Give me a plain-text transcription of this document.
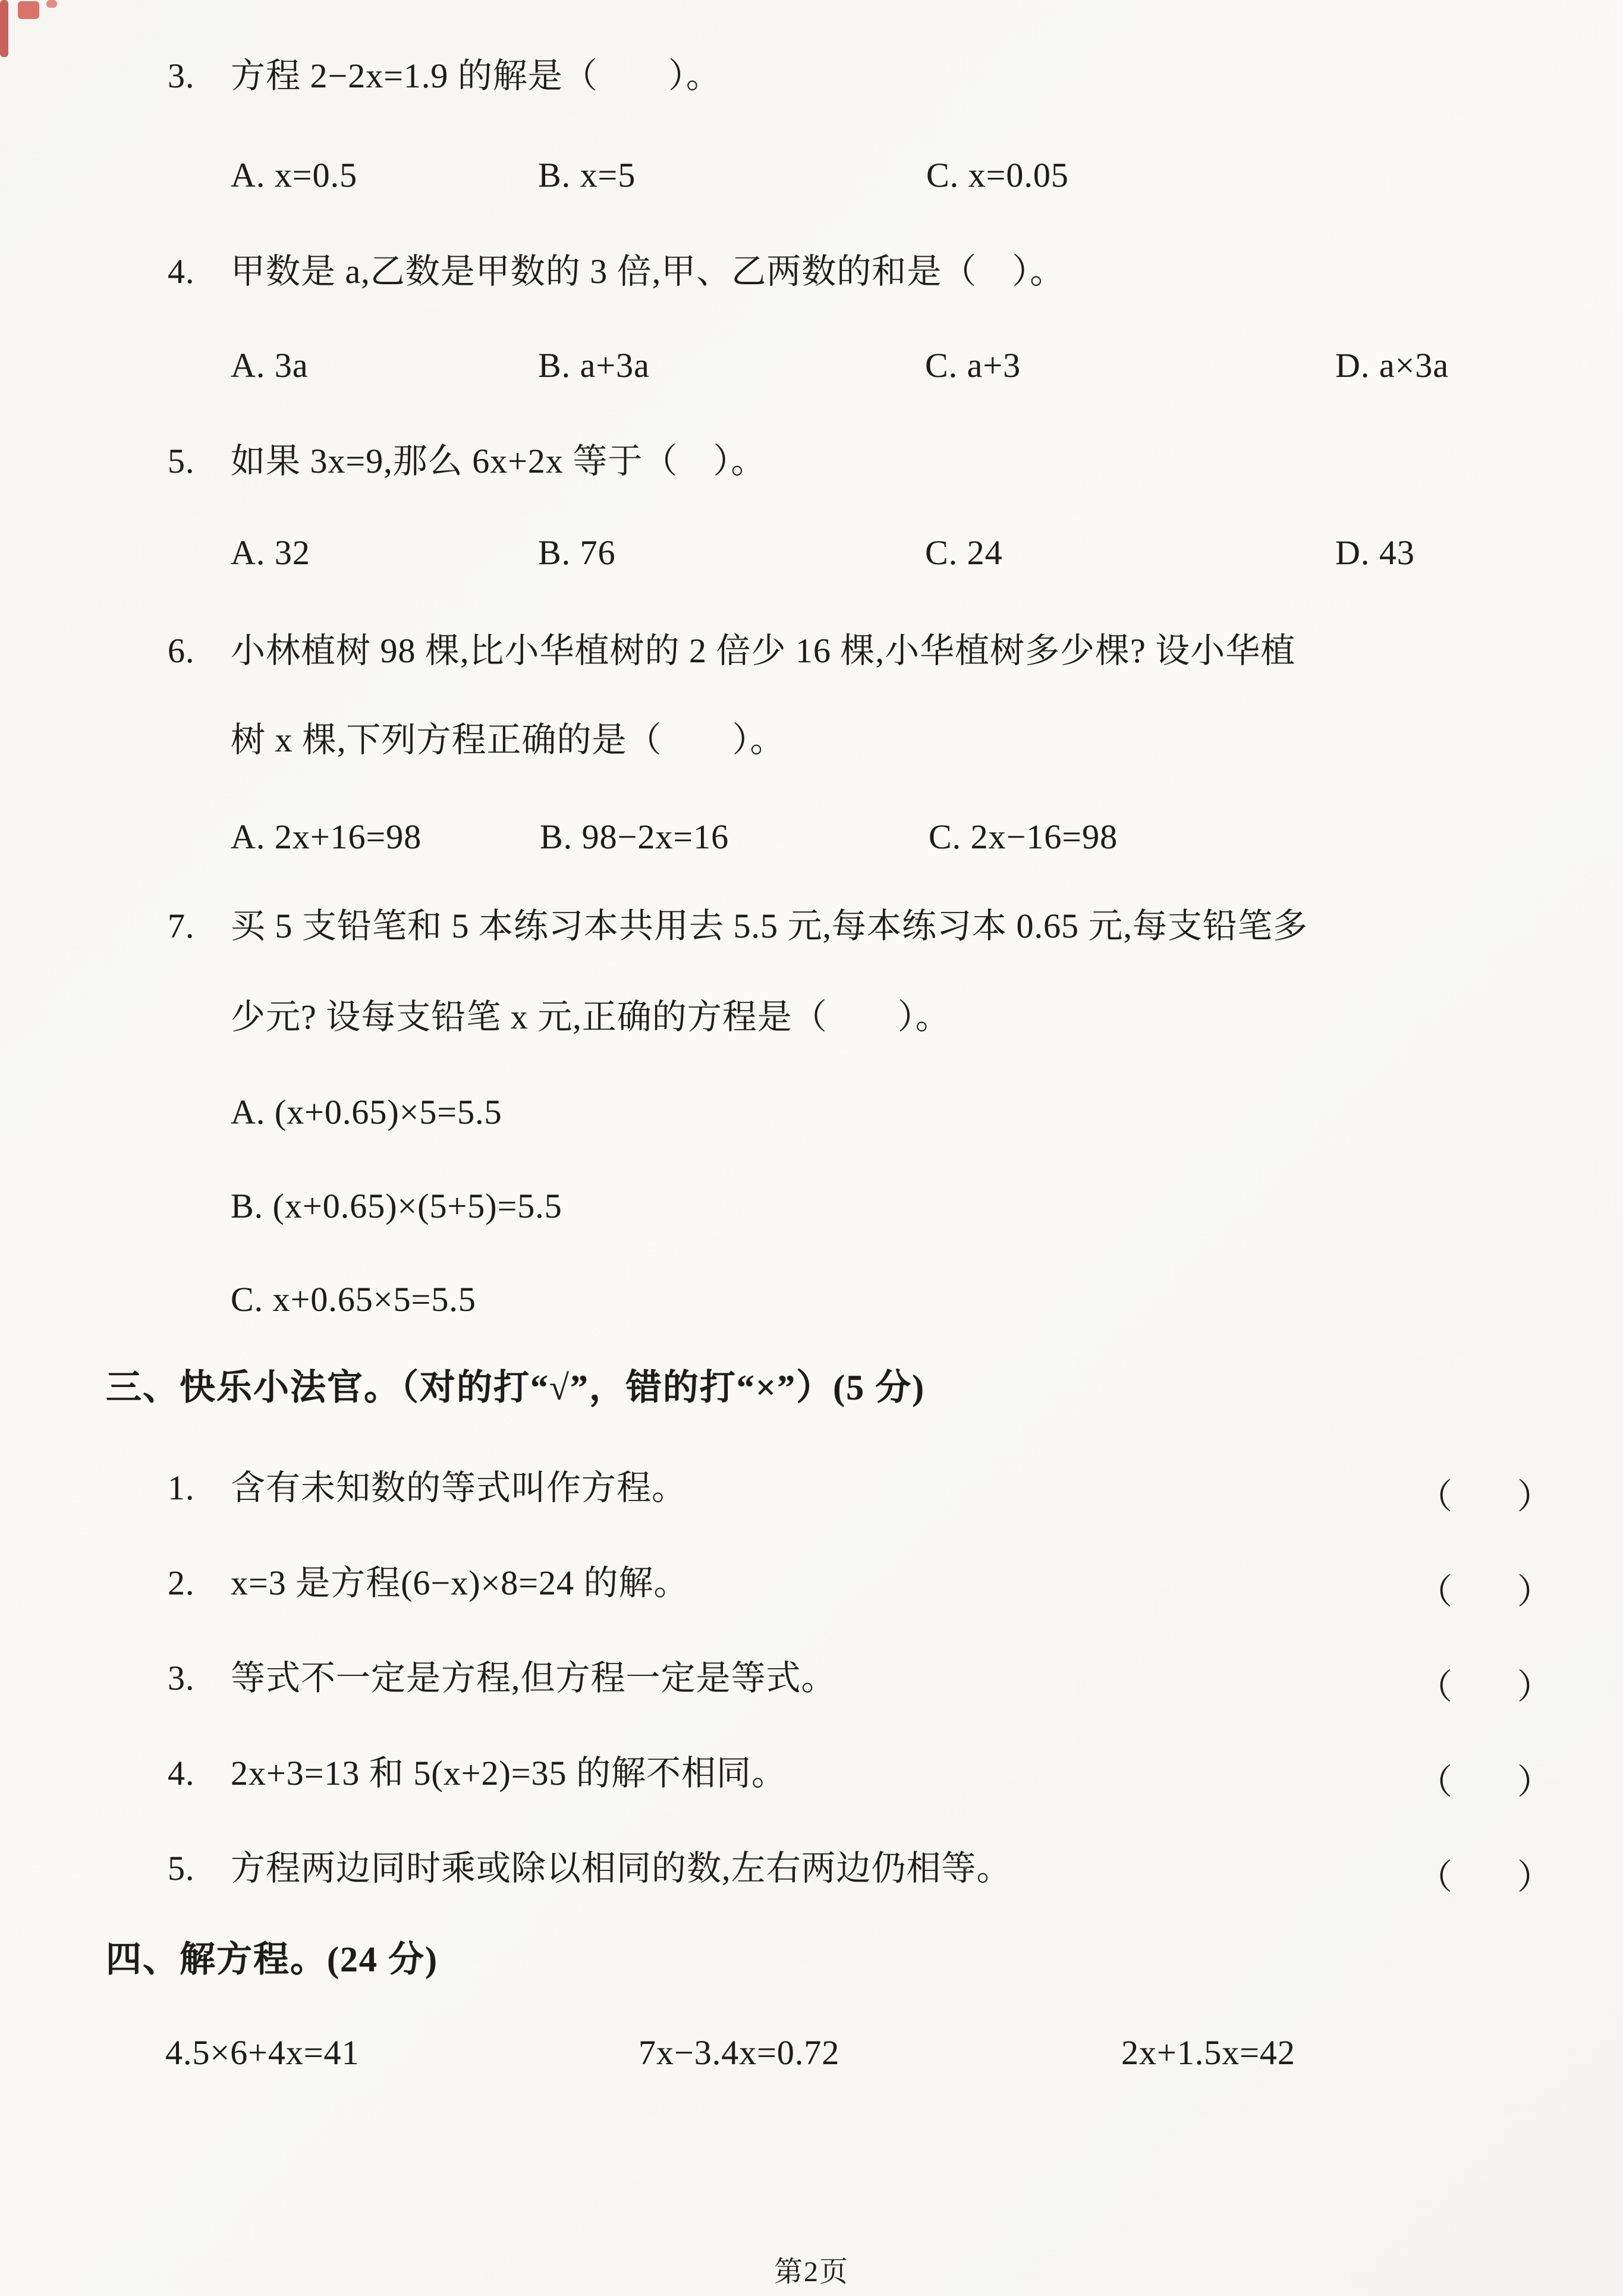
3. 方程 2−2x=1.9 的解是（　　）。
A. x=0.5	B. x=5	C. x=0.05
4. 甲数是 a,乙数是甲数的 3 倍,甲、乙两数的和是（　）。
A. 3a	B. a+3a	C. a+3	D. a×3a
5. 如果 3x=9,那么 6x+2x 等于（　）。
A. 32	B. 76	C. 24	D. 43
6. 小林植树 98 棵,比小华植树的 2 倍少 16 棵,小华植树多少棵? 设小华植
树 x 棵,下列方程正确的是（　　）。
A. 2x+16=98	B. 98−2x=16	C. 2x−16=98
7. 买 5 支铅笔和 5 本练习本共用去 5.5 元,每本练习本 0.65 元,每支铅笔多
少元? 设每支铅笔 x 元,正确的方程是（　　）。
A. (x+0.65)×5=5.5
B. (x+0.65)×(5+5)=5.5
C. x+0.65×5=5.5
三、快乐小法官。（对的打“√”，错的打“×”）(5 分)
1. 含有未知数的等式叫作方程。	（ ）
2. x=3 是方程(6−x)×8=24 的解。	（ ）
3. 等式不一定是方程,但方程一定是等式。	（ ）
4. 2x+3=13 和 5(x+2)=35 的解不相同。	（ ）
5. 方程两边同时乘或除以相同的数,左右两边仍相等。	（ ）
四、解方程。(24 分)
4.5×6+4x=41	7x−3.4x=0.72	2x+1.5x=42
第2页
